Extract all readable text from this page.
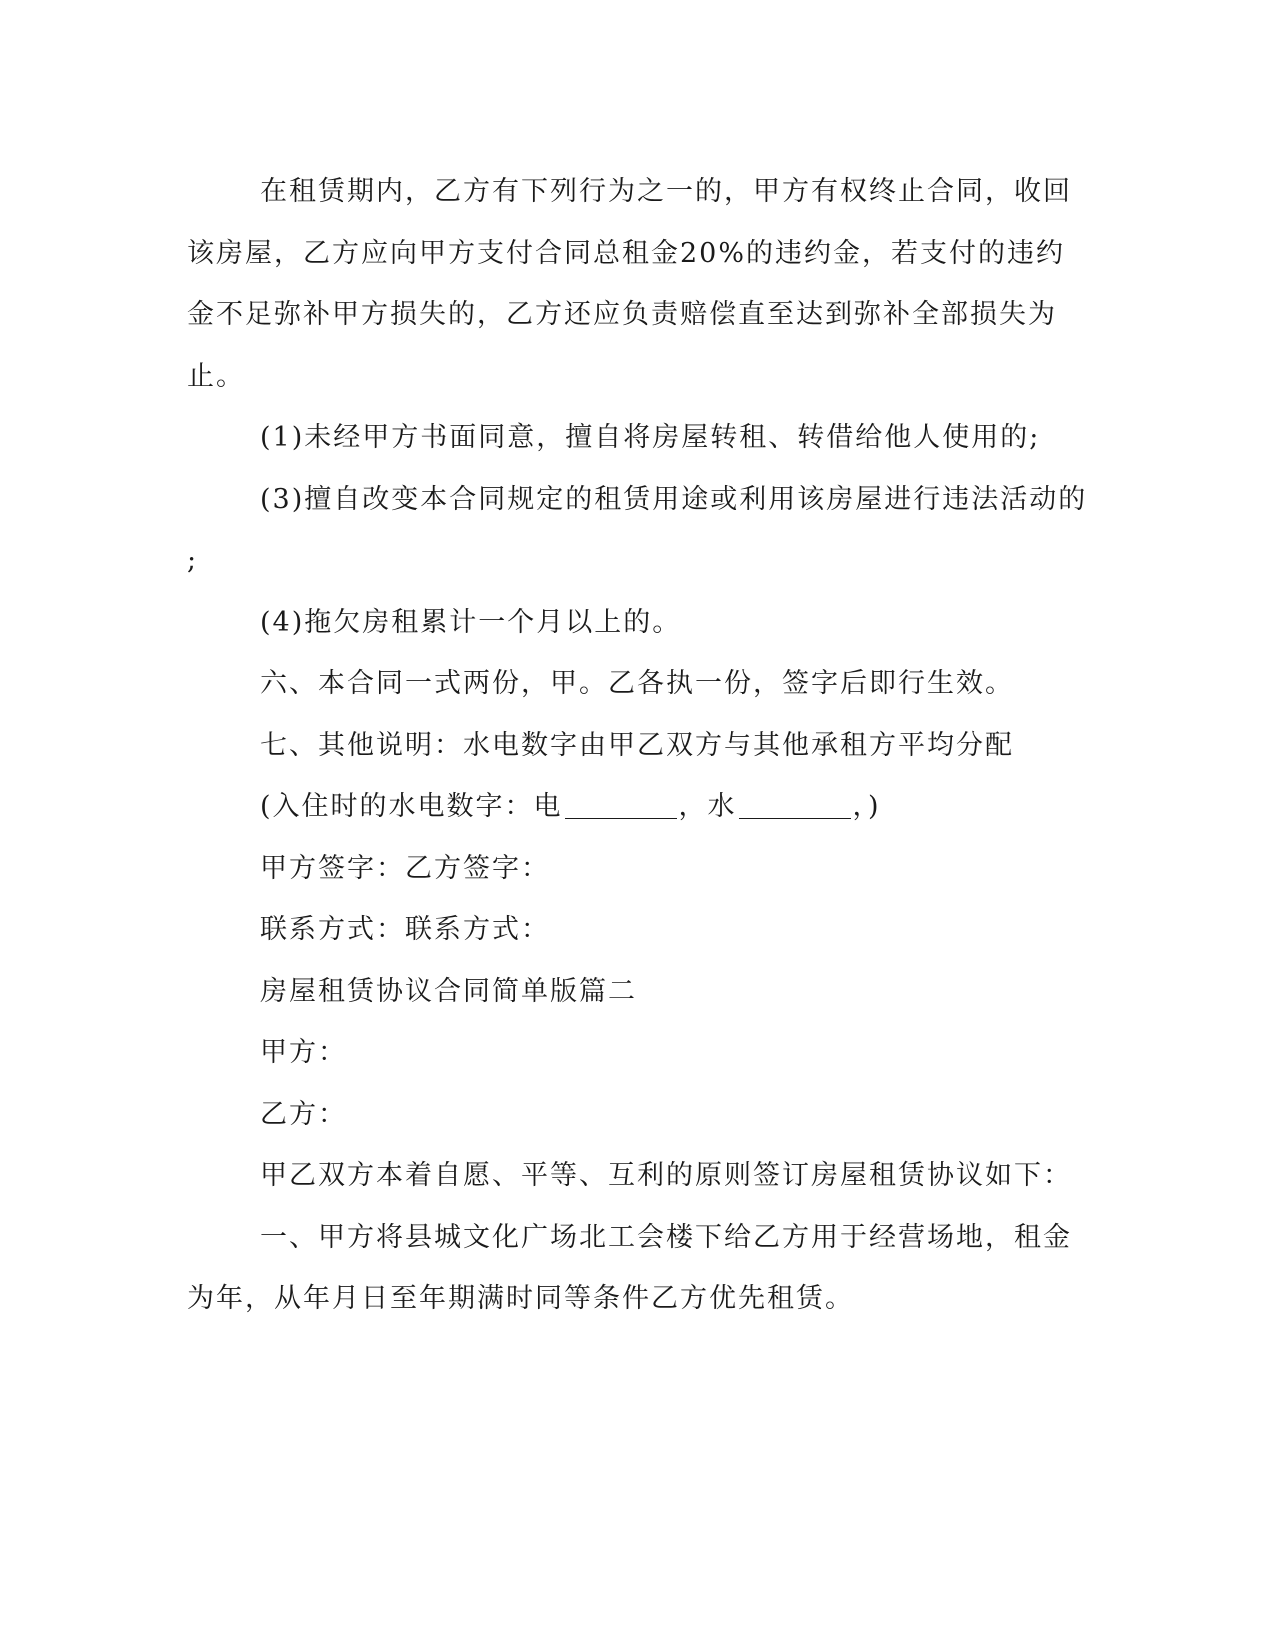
在租赁期内，乙方有下列行为之一的，甲方有权终止合同，收回
该房屋，乙方应向甲方支付合同总租金20%的违约金，若支付的违约
金不足弥补甲方损失的，乙方还应负责赔偿直至达到弥补全部损失为
止。
(1)未经甲方书面同意，擅自将房屋转租、转借给他人使用的;
(3)擅自改变本合同规定的租赁用途或利用该房屋进行违法活动的
;
(4)拖欠房租累计一个月以上的。
六、本合同一式两份，甲。乙各执一份，签字后即行生效。
七、其他说明：水电数字由甲乙双方与其他承租方平均分配
(入住时的水电数字：电	，水	，)
甲方签字：乙方签字：
联系方式：联系方式：
房屋租赁协议合同简单版篇二
甲方：
乙方：
甲乙双方本着自愿、平等、互利的原则签订房屋租赁协议如下：
一、甲方将县城文化广场北工会楼下给乙方用于经营场地，租金
为年，从年月日至年期满时同等条件乙方优先租赁。
